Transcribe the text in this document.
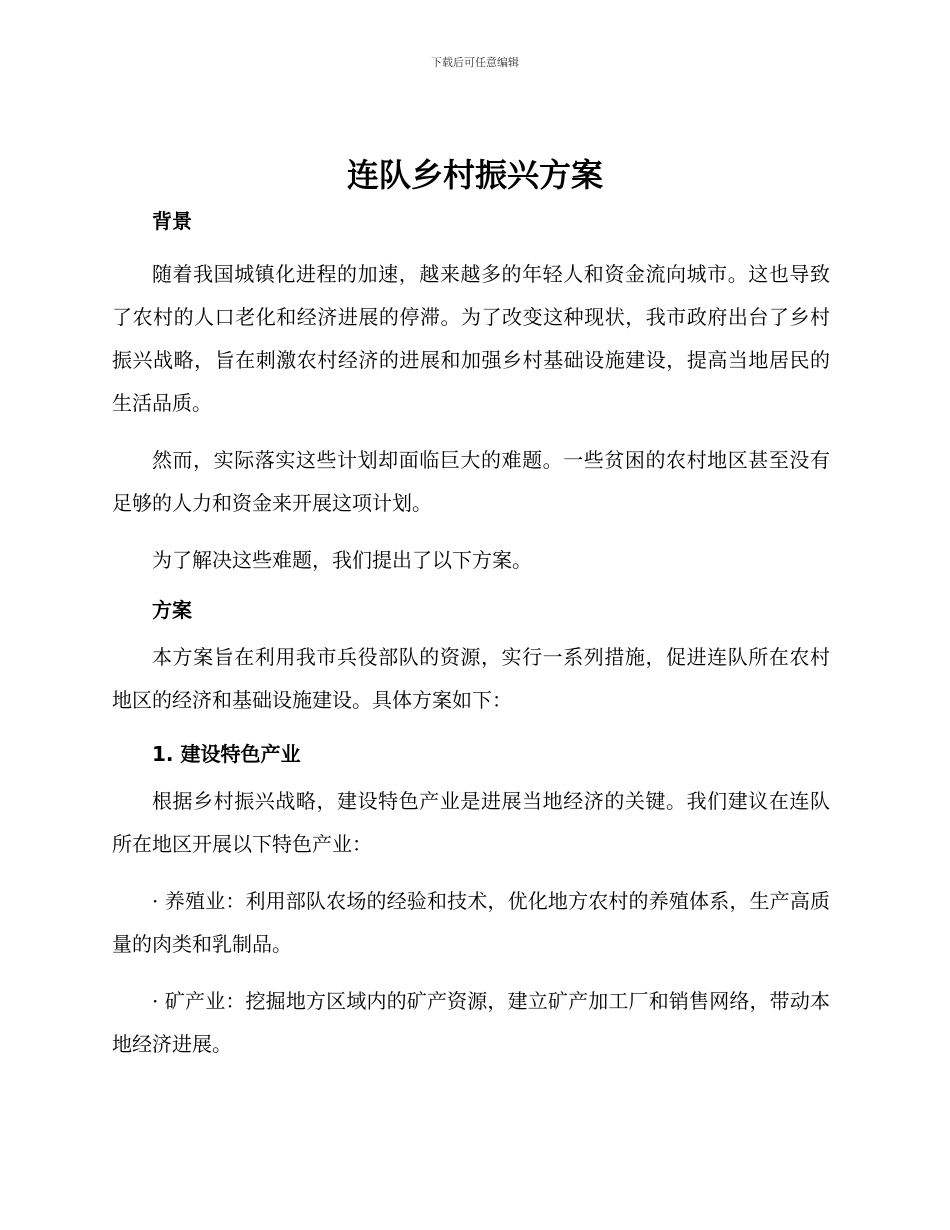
下载后可任意编辑
连队乡村振兴方案
背景

随着我国城镇化进程的加速，越来越多的年轻人和资金流向城市。这也导致了农村的人口老化和经济进展的停滞。为了改变这种现状，我市政府出台了乡村振兴战略，旨在刺激农村经济的进展和加强乡村基础设施建设，提高当地居民的生活品质。

然而，实际落实这些计划却面临巨大的难题。一些贫困的农村地区甚至没有足够的人力和资金来开展这项计划。

为了解决这些难题，我们提出了以下方案。

方案

本方案旨在利用我市兵役部队的资源，实行一系列措施，促进连队所在农村地区的经济和基础设施建设。具体方案如下：

1. 建设特色产业

根据乡村振兴战略，建设特色产业是进展当地经济的关键。我们建议在连队所在地区开展以下特色产业：

· 养殖业：利用部队农场的经验和技术，优化地方农村的养殖体系，生产高质量的肉类和乳制品。

· 矿产业：挖掘地方区域内的矿产资源，建立矿产加工厂和销售网络，带动本地经济进展。
